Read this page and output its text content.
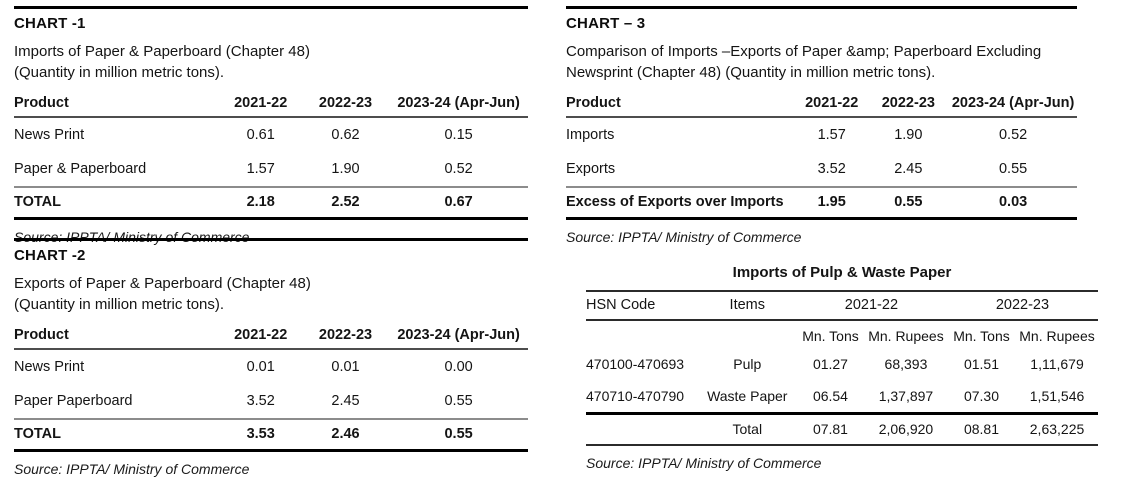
CHART -1
Imports of Paper & Paperboard (Chapter 48)
(Quantity in million metric tons).
Product	2021-22	2022-23	2023-24 (Apr-Jun)
News Print	0.61	0.62	0.15
Paper & Paperboard	1.57	1.90	0.52
TOTAL	2.18	2.52	0.67
Source: IPPTA/ Ministry of Commerce
CHART -2
Exports of Paper & Paperboard (Chapter 48)
(Quantity in million metric tons).
Product	2021-22	2022-23	2023-24 (Apr-Jun)
News Print	0.01	0.01	0.00
Paper Paperboard	3.52	2.45	0.55
TOTAL	3.53	2.46	0.55
Source: IPPTA/ Ministry of Commerce
CHART – 3
Comparison of Imports –Exports of Paper &amp; Paperboard Excluding
Newsprint (Chapter 48) (Quantity in million metric tons).
Product	2021-22	2022-23	2023-24 (Apr-Jun)
Imports	1.57	1.90	0.52
Exports	3.52	2.45	0.55
Excess of Exports over Imports	1.95	0.55	0.03
Source: IPPTA/ Ministry of Commerce
Imports of Pulp & Waste Paper
HSN Code	Items	2021-22		2022-23	
		Mn. Tons	Mn. Rupees	Mn. Tons	Mn. Rupees
470100-470693	Pulp	01.27	68,393	01.51	1,11,679
470710-470790	Waste Paper	06.54	1,37,897	07.30	1,51,546
	Total	07.81	2,06,920	08.81	2,63,225
Source: IPPTA/ Ministry of Commerce
